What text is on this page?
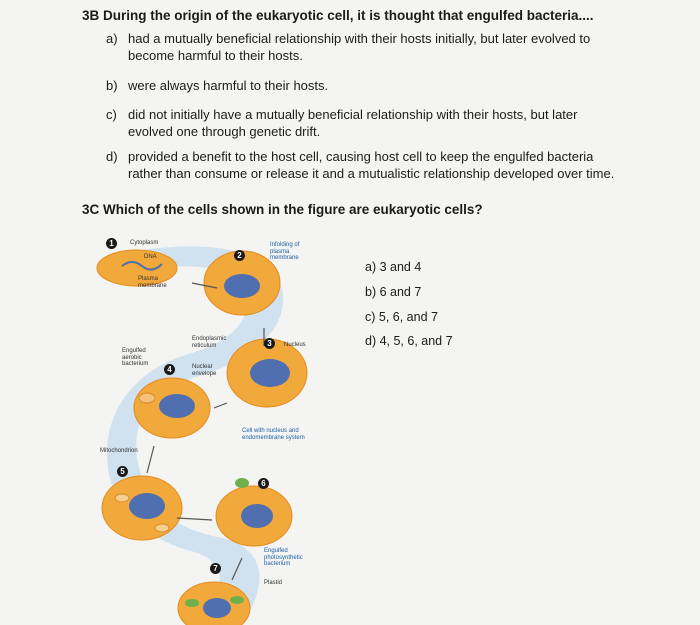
3B During the origin of the eukaryotic cell, it is thought that engulfed bacteria....
a) had a mutually beneficial relationship with their hosts initially, but later evolved to
become harmful to their hosts.
b) were always harmful to their hosts.
c) did not initially have a mutually beneficial relationship with their hosts, but later
evolved one through genetic drift.
d) provided a benefit to the host cell, causing host cell to keep the engulfed bacteria
rather than consume or release it and a mutualistic relationship developed over time.
3C Which of the cells shown in the figure are eukaryotic cells?
1
2
3
4
5
6
7
Cytoplasm
DNA
Plasma membrane
Infolding of plasma membrane
Endoplasmic reticulum	Nucleus
Nuclear envelope
Engulfed aerobic bacterium
Cell with nucleus and endomembrane system
Mitochondrion
Engulfed photosynthetic bacterium
Plastid
a) 3 and 4
b) 6 and 7
c) 5, 6, and 7
d) 4, 5, 6, and 7
